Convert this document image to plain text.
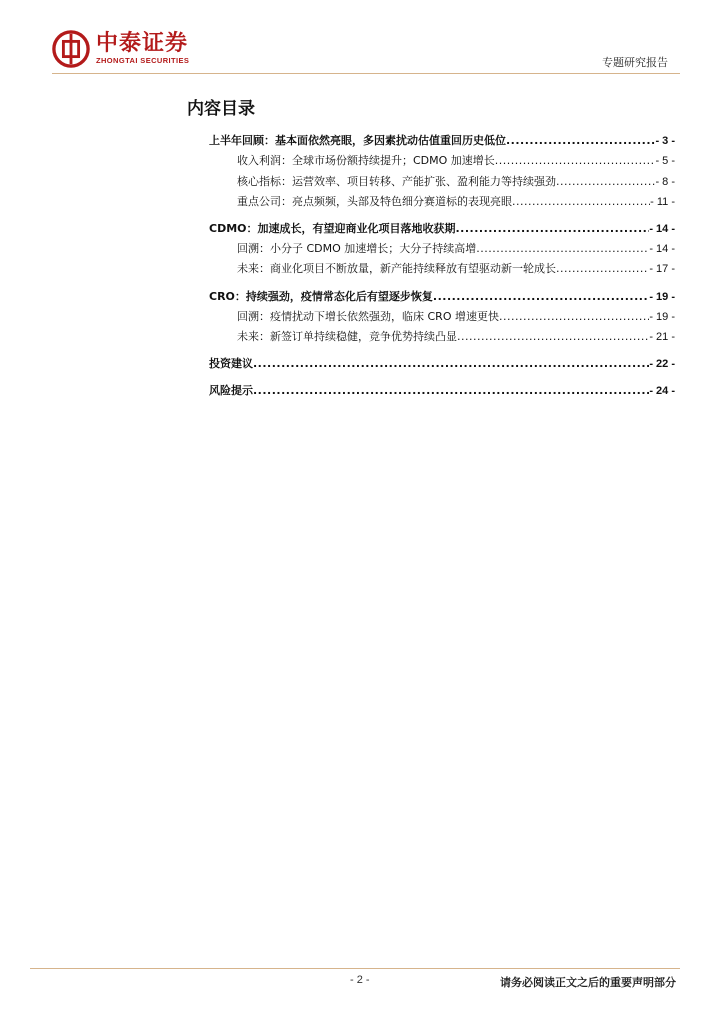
中泰证券
ZHONGTAI SECURITIES	专题研究报告
内容目录
上半年回顾：基本面依然亮眼，多因素扰动估值重回历史低位 .....	- 3 -
收入利润：全球市场份额持续提升；CDMO 加速增长 .....	- 5 -
核心指标：运营效率、项目转移、产能扩张、盈利能力等持续强劲 .....	- 8 -
重点公司：亮点频频，头部及特色细分赛道标的表现亮眼 .....	- 11 -
CDMO：加速成长，有望迎商业化项目落地收获期 .....	- 14 -
回溯：小分子 CDMO 加速增长；大分子持续高增 .....	- 14 -
未来：商业化项目不断放量，新产能持续释放有望驱动新一轮成长 .....	- 17 -
CRO：持续强劲，疫情常态化后有望逐步恢复 .....	- 19 -
回溯：疫情扰动下增长依然强劲，临床 CRO 增速更快 .....	- 19 -
未来：新签订单持续稳健，竞争优势持续凸显 .....	- 21 -
投资建议 .....	- 22 -
风险提示 .....	- 24 -
- 2 -	请务必阅读正文之后的重要声明部分
